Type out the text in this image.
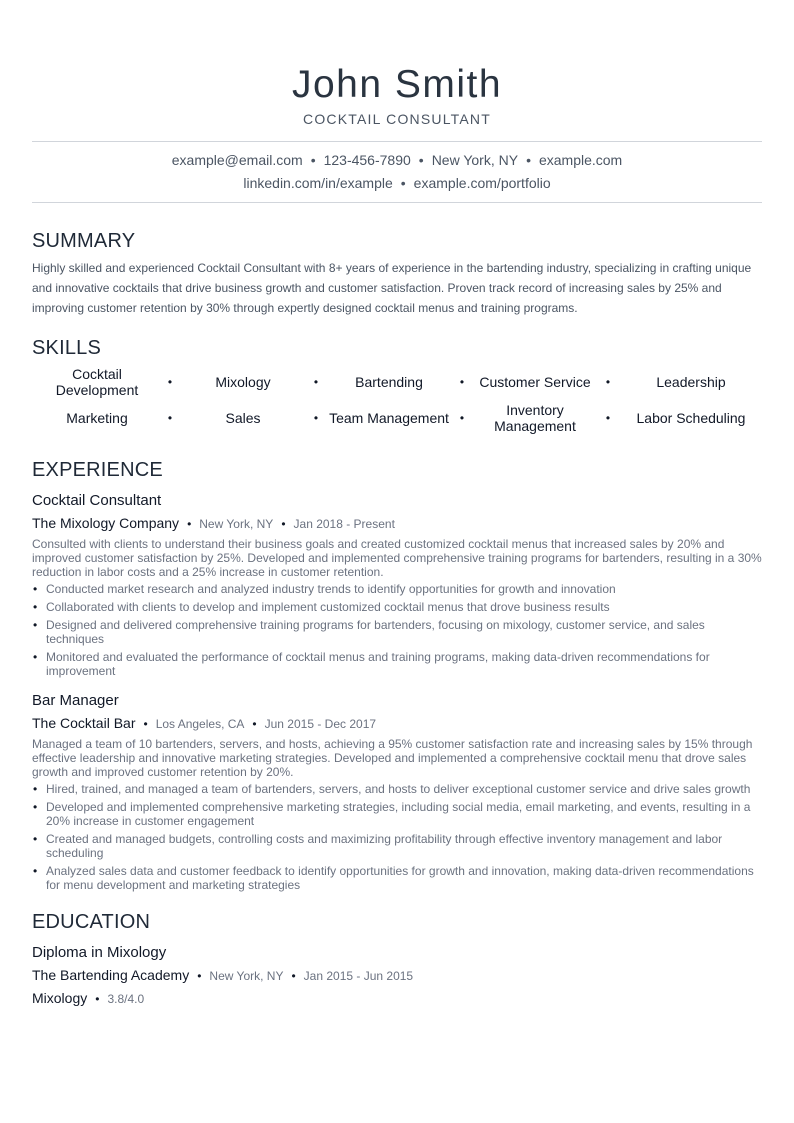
John Smith
COCKTAIL CONSULTANT
example@email.com • 123-456-7890 • New York, NY • example.com
linkedin.com/in/example • example.com/portfolio
SUMMARY
Highly skilled and experienced Cocktail Consultant with 8+ years of experience in the bartending industry, specializing in crafting unique and innovative cocktails that drive business growth and customer satisfaction. Proven track record of increasing sales by 25% and improving customer retention by 30% through expertly designed cocktail menus and training programs.
SKILLS
Cocktail Development	•	Mixology	•	Bartending	•	Customer Service	•	Leadership
Marketing	•	Sales	• Team Management •	Inventory Management	•	Labor Scheduling
EXPERIENCE
Cocktail Consultant
The Mixology Company • New York, NY • Jan 2018 - Present
Consulted with clients to understand their business goals and created customized cocktail menus that increased sales by 20% and improved customer satisfaction by 25%. Developed and implemented comprehensive training programs for bartenders, resulting in a 30% reduction in labor costs and a 25% increase in customer retention.
• Conducted market research and analyzed industry trends to identify opportunities for growth and innovation
• Collaborated with clients to develop and implement customized cocktail menus that drove business results
• Designed and delivered comprehensive training programs for bartenders, focusing on mixology, customer service, and sales techniques
• Monitored and evaluated the performance of cocktail menus and training programs, making data-driven recommendations for improvement
Bar Manager
The Cocktail Bar • Los Angeles, CA • Jun 2015 - Dec 2017
Managed a team of 10 bartenders, servers, and hosts, achieving a 95% customer satisfaction rate and increasing sales by 15% through effective leadership and innovative marketing strategies. Developed and implemented a comprehensive cocktail menu that drove sales growth and improved customer retention by 20%.
• Hired, trained, and managed a team of bartenders, servers, and hosts to deliver exceptional customer service and drive sales growth
• Developed and implemented comprehensive marketing strategies, including social media, email marketing, and events, resulting in a 20% increase in customer engagement
• Created and managed budgets, controlling costs and maximizing profitability through effective inventory management and labor scheduling
• Analyzed sales data and customer feedback to identify opportunities for growth and innovation, making data-driven recommendations for menu development and marketing strategies
EDUCATION
Diploma in Mixology
The Bartending Academy • New York, NY • Jan 2015 - Jun 2015
Mixology • 3.8/4.0
